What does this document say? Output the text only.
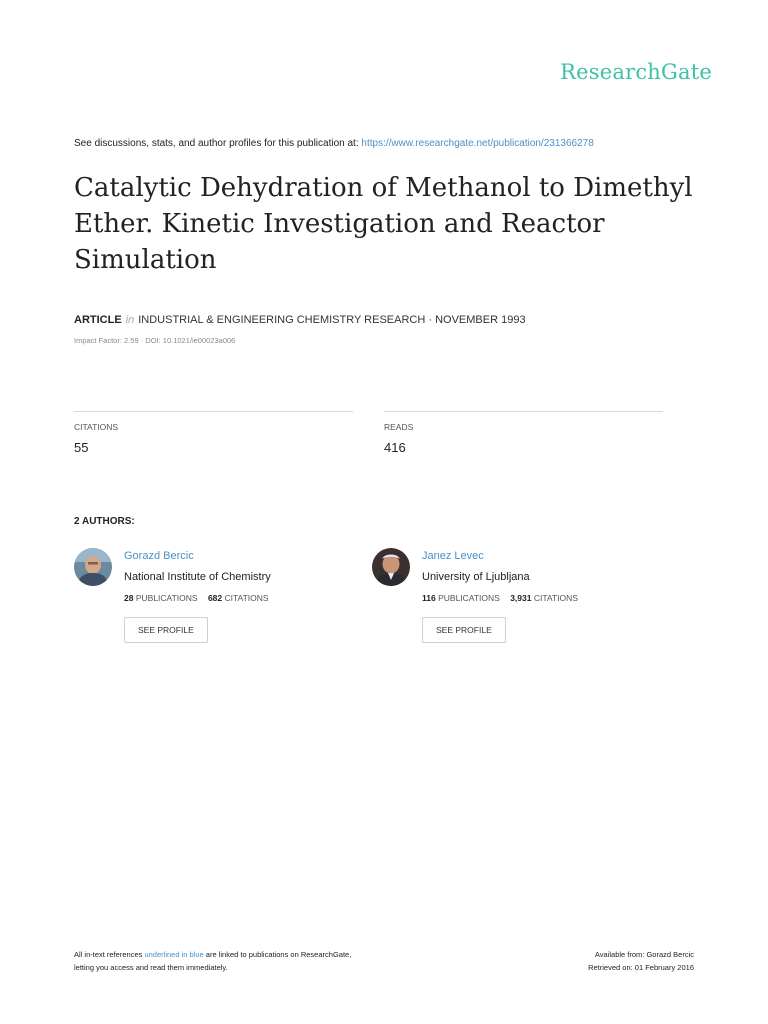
ResearchGate
See discussions, stats, and author profiles for this publication at: https://www.researchgate.net/publication/231366278
Catalytic Dehydration of Methanol to Dimethyl
Ether. Kinetic Investigation and Reactor
Simulation
ARTICLE in INDUSTRIAL & ENGINEERING CHEMISTRY RESEARCH · NOVEMBER 1993
Impact Factor: 2.59 · DOI: 10.1021/ie00023a006
CITATIONS
55
READS
416
2 AUTHORS:
Gorazd Bercic
National Institute of Chemistry
28 PUBLICATIONS 682 CITATIONS
SEE PROFILE
Janez Levec
University of Ljubljana
116 PUBLICATIONS 3,931 CITATIONS
SEE PROFILE
All in-text references underlined in blue are linked to publications on ResearchGate,
letting you access and read them immediately.
Available from: Gorazd Bercic
Retrieved on: 01 February 2016
